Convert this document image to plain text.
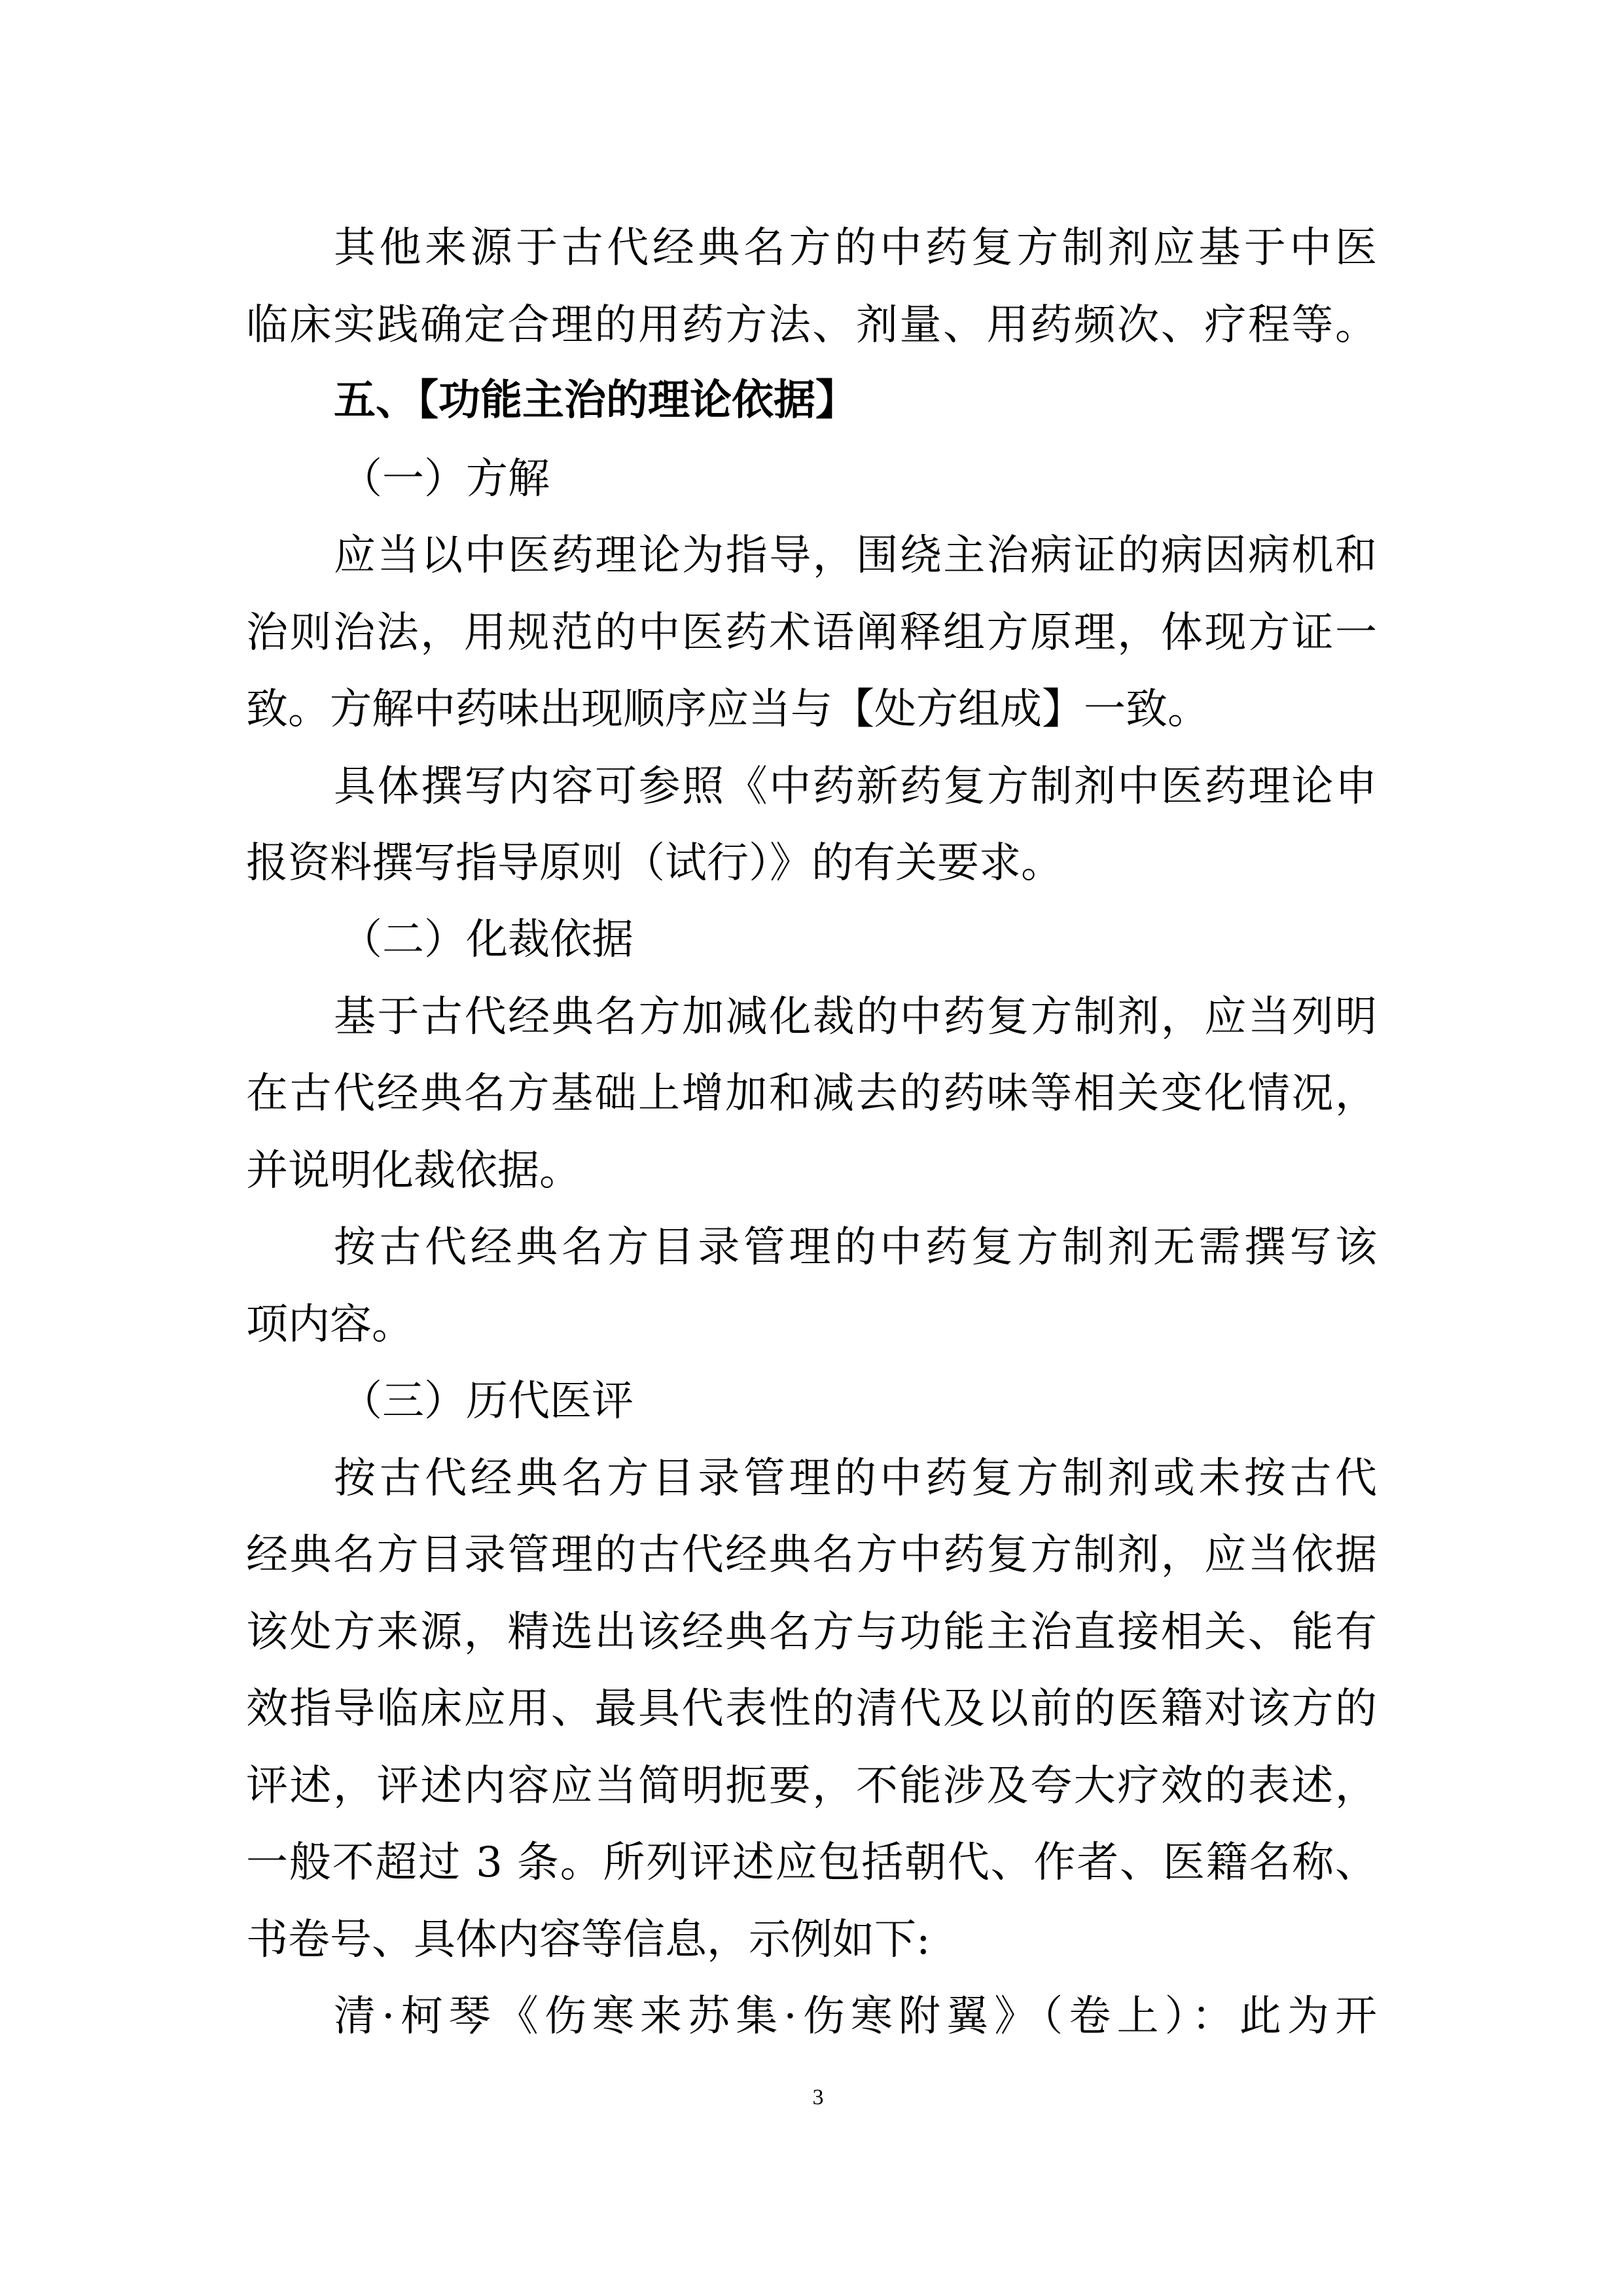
其他来源于古代经典名方的中药复方制剂应基于中医

临床实践确定合理的用药方法、剂量、用药频次、疗程等。

五、【功能主治的理论依据】

（一）方解

应当以中医药理论为指导，围绕主治病证的病因病机和

治则治法，用规范的中医药术语阐释组方原理，体现方证一

致。方解中药味出现顺序应当与【处方组成】一致。

具体撰写内容可参照《中药新药复方制剂中医药理论申

报资料撰写指导原则（试行）》的有关要求。

（二）化裁依据

基于古代经典名方加减化裁的中药复方制剂，应当列明

在古代经典名方基础上增加和减去的药味等相关变化情况，

并说明化裁依据。

按古代经典名方目录管理的中药复方制剂无需撰写该

项内容。

（三）历代医评

按古代经典名方目录管理的中药复方制剂或未按古代

经典名方目录管理的古代经典名方中药复方制剂，应当依据

该处方来源，精选出该经典名方与功能主治直接相关、能有

效指导临床应用、最具代表性的清代及以前的医籍对该方的

评述，评述内容应当简明扼要，不能涉及夸大疗效的表述，

一般不超过 3 条。所列评述应包括朝代、作者、医籍名称、

书卷号、具体内容等信息，示例如下:

清·柯琴《伤寒来苏集·伤寒附翼》（卷上）：此为开

3
